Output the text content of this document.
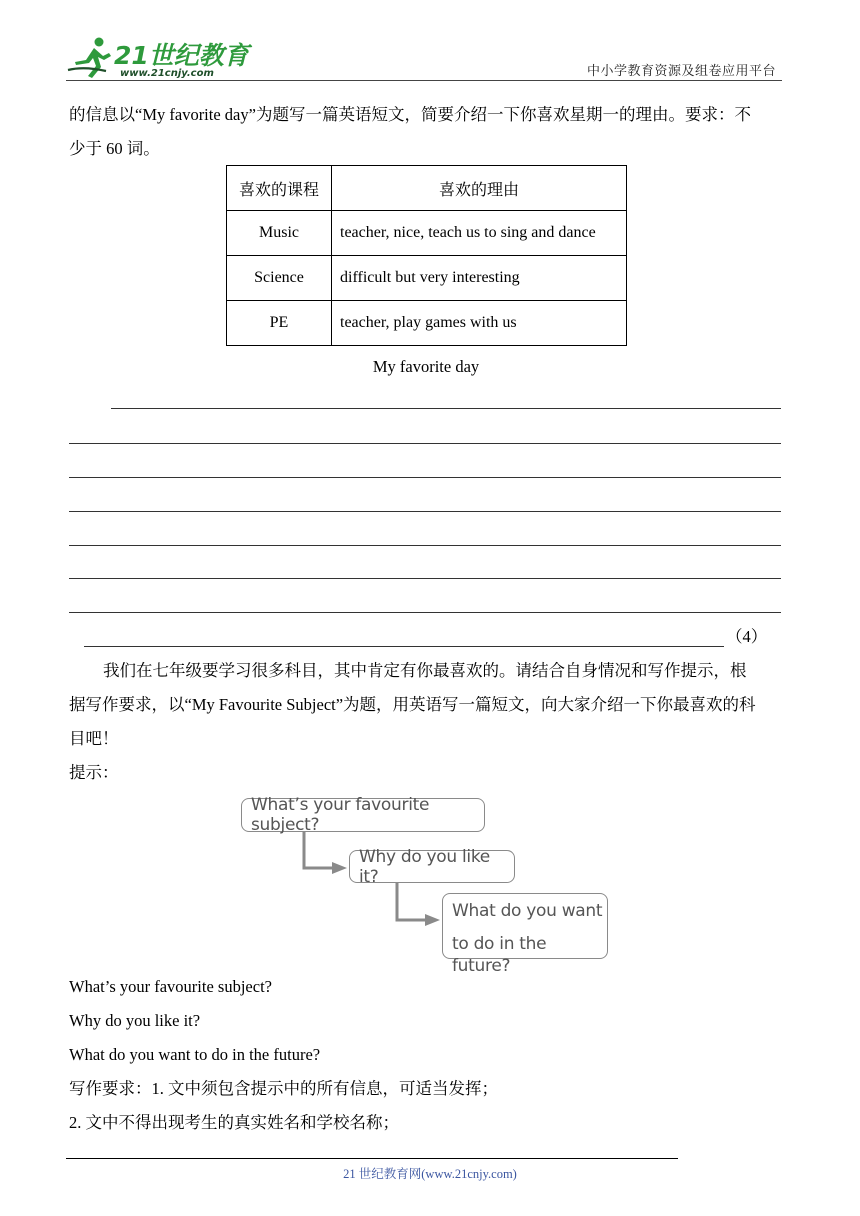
21世纪教育
www.21cnjy.com	中小学教育资源及组卷应用平台
的信息以“My favorite day”为题写一篇英语短文，简要介绍一下你喜欢星期一的理由。要求：不
少于 60 词。
喜欢的课程	喜欢的理由
Music	teacher, nice, teach us to sing and dance
Science	difficult but very interesting
PE	teacher, play games with us
My favorite day
（4）
我们在七年级要学习很多科目，其中肯定有你最喜欢的。请结合自身情况和写作提示，根
据写作要求，以“My Favourite Subject”为题，用英语写一篇短文，向大家介绍一下你最喜欢的科
目吧！
提示：
What’s your favourite subject?
Why do you like it?
What do you want
to do in the future?
What’s your favourite subject?
Why do you like it?
What do you want to do in the future?
写作要求：1. 文中须包含提示中的所有信息，可适当发挥；
2. 文中不得出现考生的真实姓名和学校名称；
21 世纪教育网(www.21cnjy.com)
